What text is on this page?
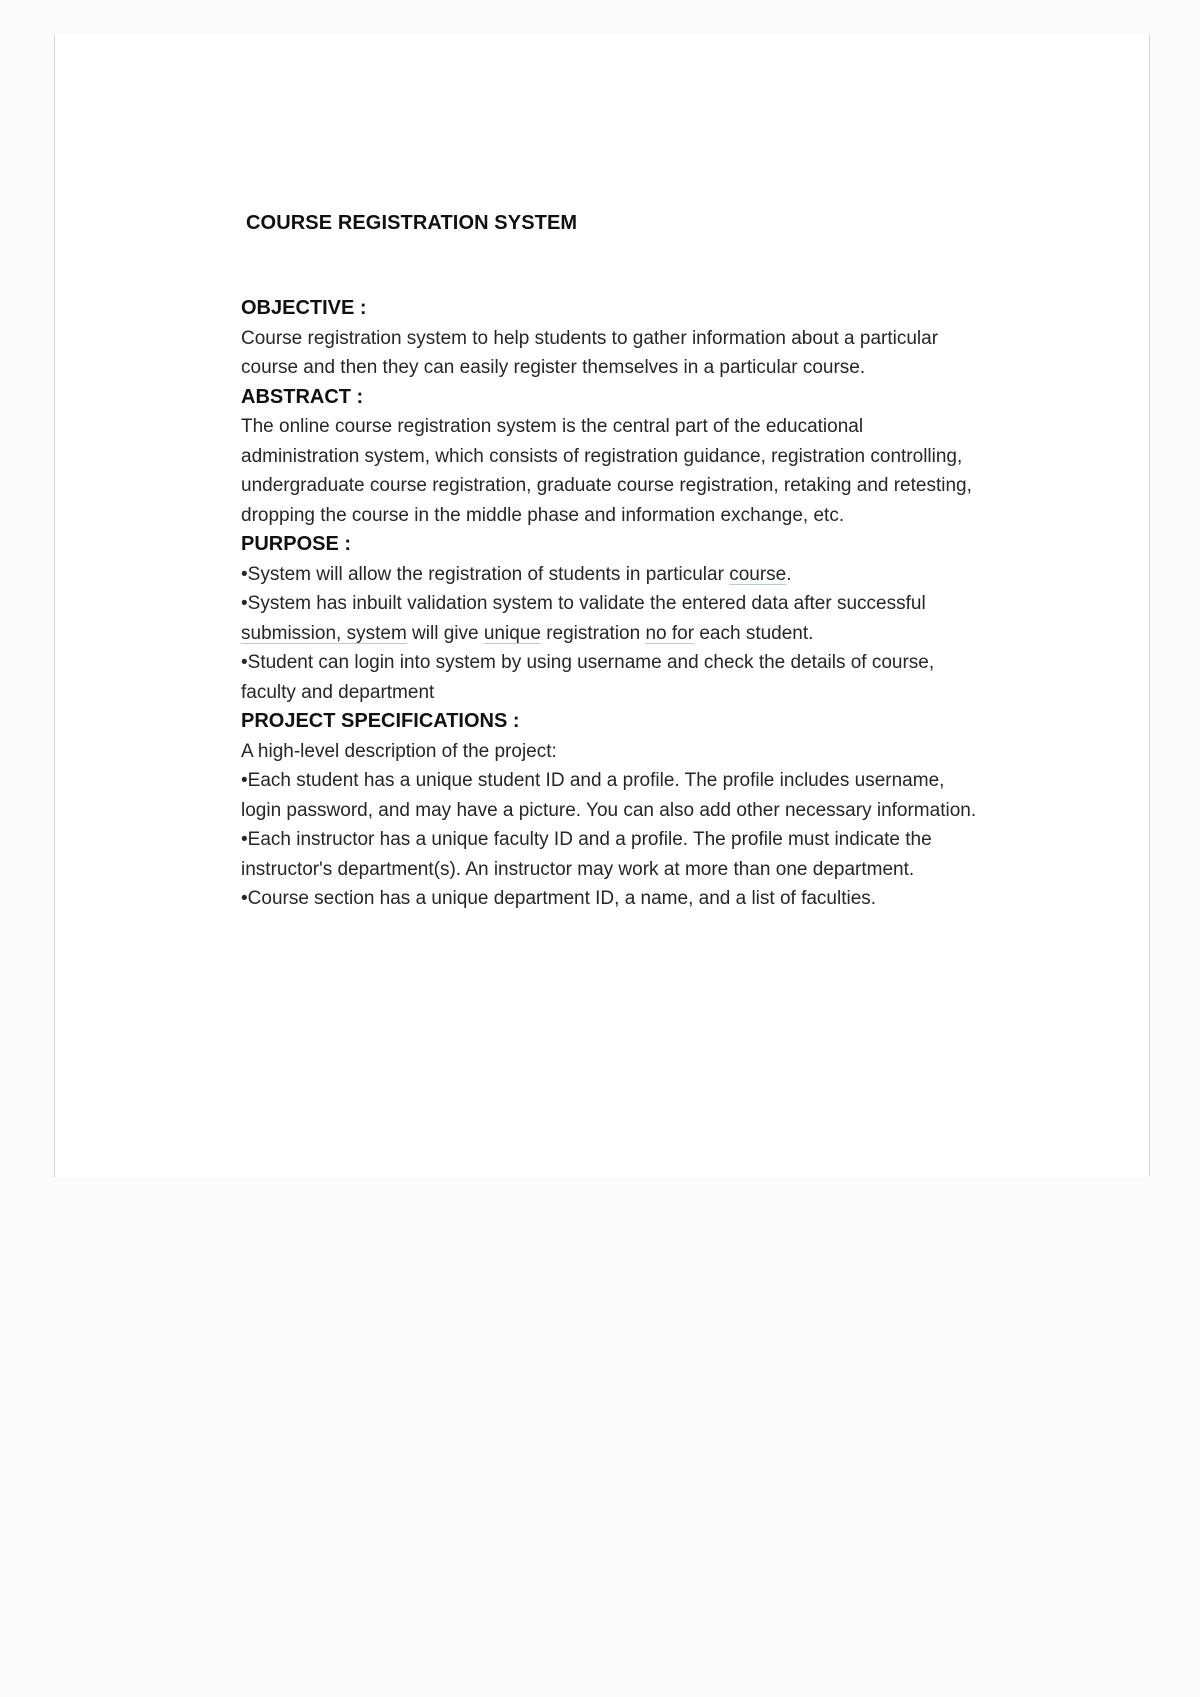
COURSE REGISTRATION SYSTEM
OBJECTIVE :
Course registration system to help students to gather information about a particular
course and then they can easily register themselves in a particular course.
ABSTRACT :
The online course registration system is the central part of the educational
administration system, which consists of registration guidance, registration controlling,
undergraduate course registration, graduate course registration, retaking and retesting,
dropping the course in the middle phase and information exchange, etc.
PURPOSE :
•System will allow the registration of students in particular course.
•System has inbuilt validation system to validate the entered data after successful
submission, system will give unique registration no for each student.
•Student can login into system by using username and check the details of course,
faculty and department
PROJECT SPECIFICATIONS :
A high-level description of the project:
•Each student has a unique student ID and a profile. The profile includes username,
login password, and may have a picture. You can also add other necessary information.
•Each instructor has a unique faculty ID and a profile. The profile must indicate the
instructor's department(s). An instructor may work at more than one department.
•Course section has a unique department ID, a name, and a list of faculties.
